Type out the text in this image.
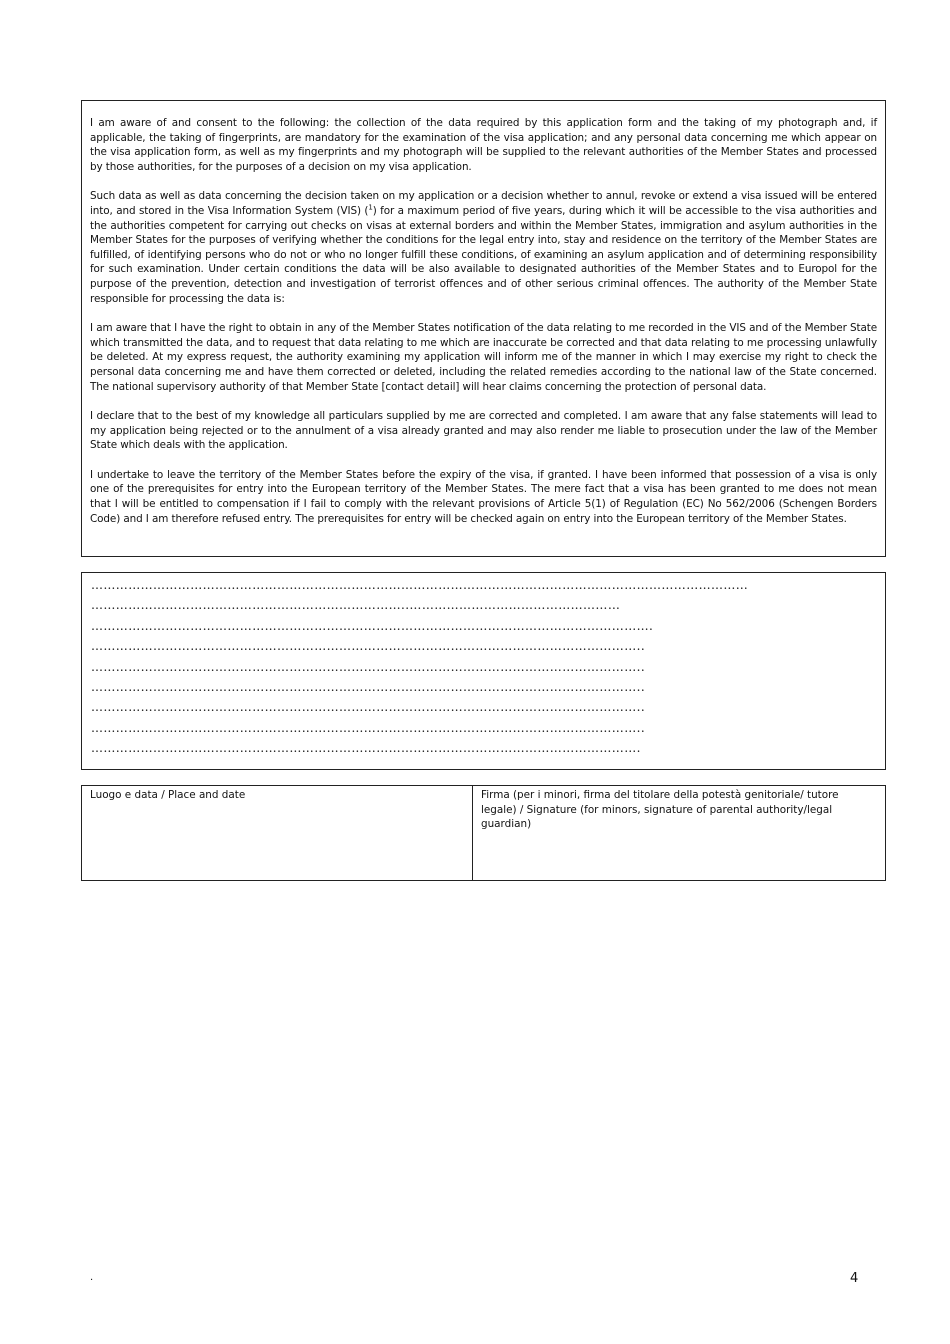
I am aware of and consent to the following: the collection of the data required by this application form and the taking of my photograph and, if applicable, the taking of fingerprints, are mandatory for the examination of the visa application; and any personal data concerning me which appear on the visa application form, as well as my fingerprints and my photograph will be supplied to the relevant authorities of the Member States and processed by those authorities, for the purposes of a decision on my visa application.

Such data as well as data concerning the decision taken on my application or a decision whether to annul, revoke or extend a visa issued will be entered into, and stored in the Visa Information System (VIS) ($^1$) for a maximum period of five years, during which it will be accessible to the visa authorities and the authorities competent for carrying out checks on visas at external borders and within the Member States, immigration and asylum authorities in the Member States for the purposes of verifying whether the conditions for the legal entry into, stay and residence on the territory of the Member States are fulfilled, of identifying persons who do not or who no longer fulfill these conditions, of examining an asylum application and of determining responsibility for such examination. Under certain conditions the data will be also available to designated authorities of the Member States and to Europol for the purpose of the prevention, detection and investigation of terrorist offences and of other serious criminal offences. The authority of the Member State responsible for processing the data is:

I am aware that I have the right to obtain in any of the Member States notification of the data relating to me recorded in the VIS and of the Member State which transmitted the data, and to request that data relating to me which are inaccurate be corrected and that data relating to me processing unlawfully be deleted. At my express request, the authority examining my application will inform me of the manner in which I may exercise my right to check the personal data concerning me and have them corrected or deleted, including the related remedies according to the national law of the State concerned. The national supervisory authority of that Member State [contact detail] will hear claims concerning the protection of personal data.

I declare that to the best of my knowledge all particulars supplied by me are corrected and completed. I am aware that any false statements will lead to my application being rejected or to the annulment of a visa already granted and may also render me liable to prosecution under the law of the Member State which deals with the application.

I undertake to leave the territory of the Member States before the expiry of the visa, if granted. I have been informed that possession of a visa is only one of the prerequisites for entry into the European territory of the Member States. The mere fact that a visa has been granted to me does not mean that I will be entitled to compensation if I fail to comply with the relevant provisions of Article 5(1) of Regulation (EC) No 562/2006 (Schengen Borders Code) and I am therefore refused entry. The prerequisites for entry will be checked again on entry into the European territory of the Member States.

……………………………………………………………………………………………………………………………………………
…………………………………………………………………..……………………………………………
……………………………………………………………………………………………………………………….
……………………………………………………………………………………………………………………..
……………………………………………………………………………………………………………………..
……………………………………………………………………………………………………………………..
……………………………………………………………………………………………………………………..
……………………………………………………………………………………………………………………..
…………………………………………………………………………………………………………………….
Luogo e data / Place and date	Firma (per i minori, firma del titolare della potestà genitoriale/ tutore legale) / Signature (for minors, signature of parental authority/legal guardian)
.	4
